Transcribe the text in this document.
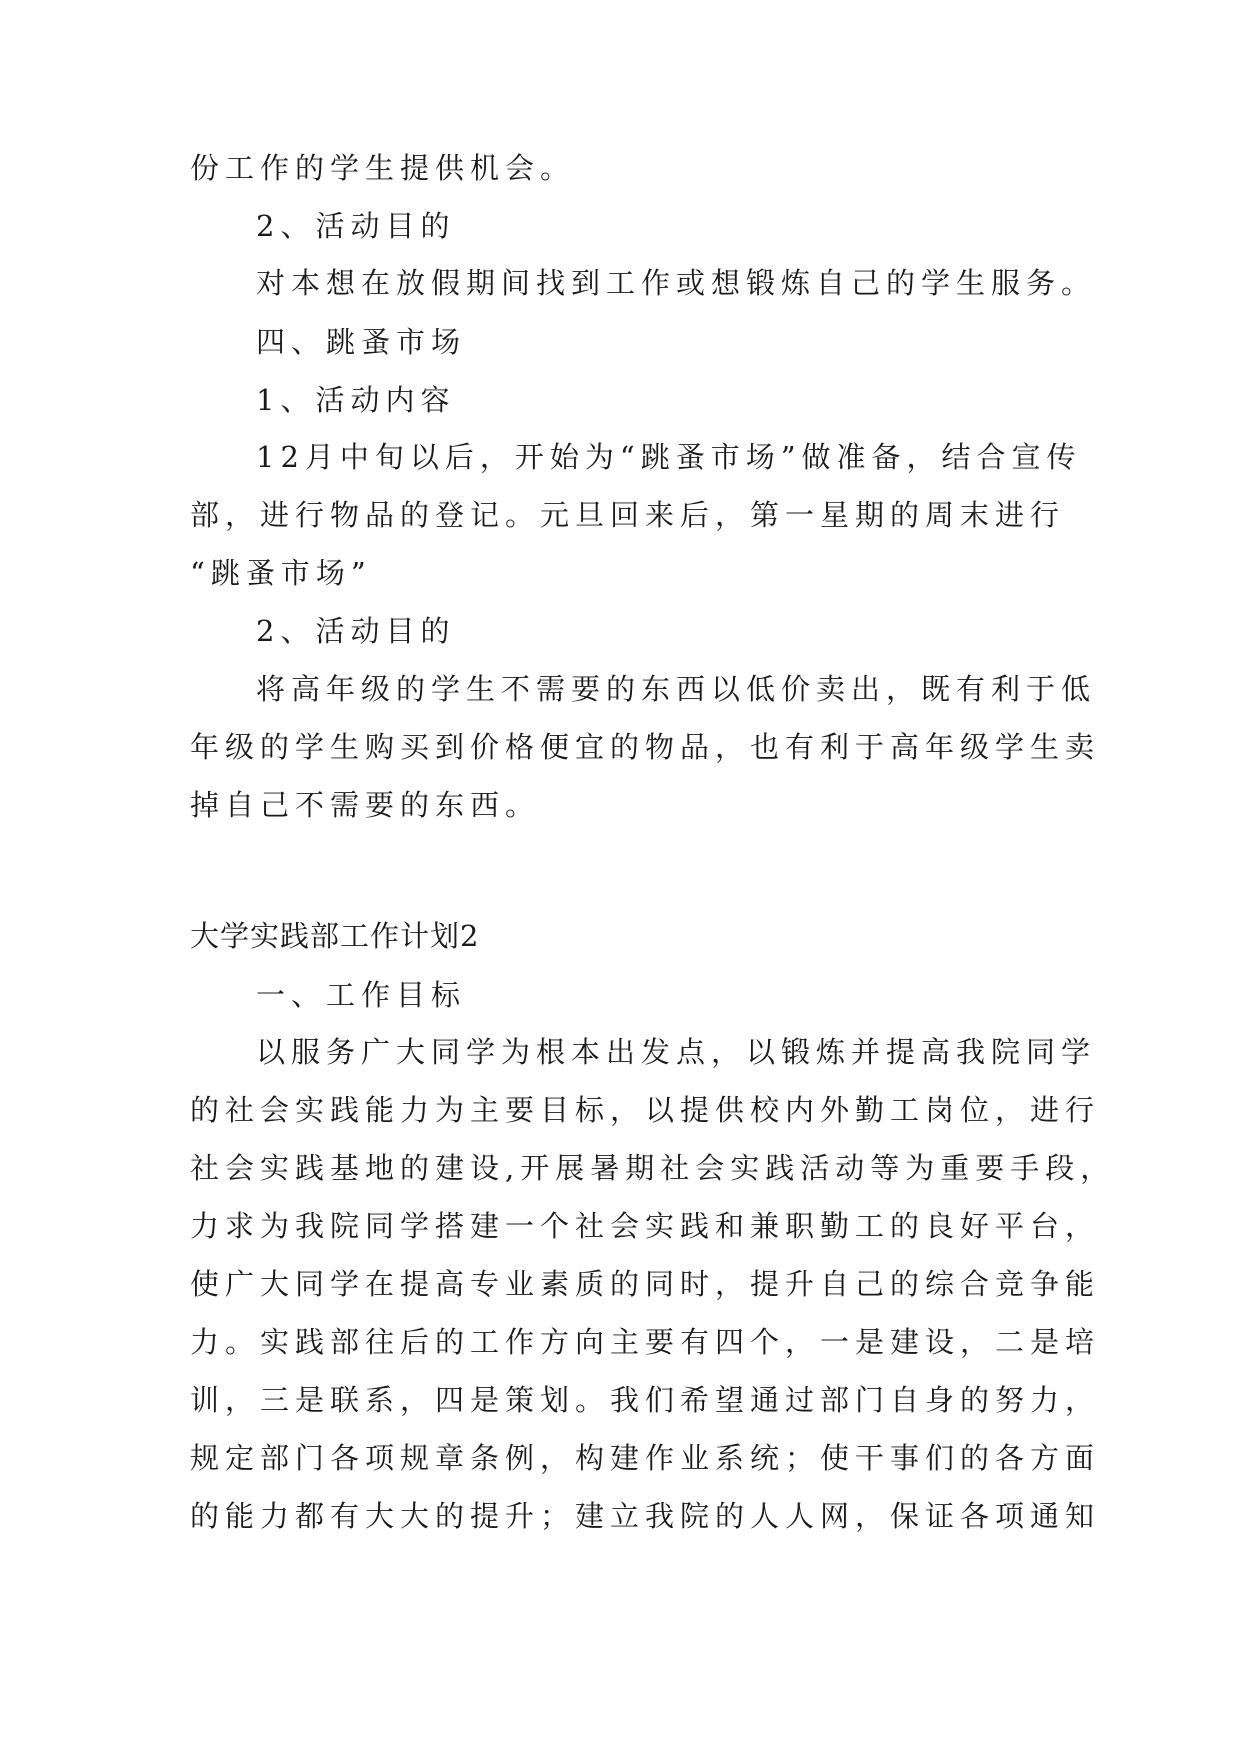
份工作的学生提供机会。
2、活动目的
对本想在放假期间找到工作或想锻炼自己的学生服务。
四、跳蚤市场
1、活动内容
12月中旬以后，开始为“跳蚤市场”做准备，结合宣传
部，进行物品的登记。元旦回来后，第一星期的周末进行
“跳蚤市场”
2、活动目的
将高年级的学生不需要的东西以低价卖出，既有利于低
年级的学生购买到价格便宜的物品，也有利于高年级学生卖
掉自己不需要的东西。
大学实践部工作计划2
一、工作目标
以服务广大同学为根本出发点，以锻炼并提高我院同学
的社会实践能力为主要目标，以提供校内外勤工岗位，进行
社会实践基地的建设,开展暑期社会实践活动等为重要手段，
力求为我院同学搭建一个社会实践和兼职勤工的良好平台，
使广大同学在提高专业素质的同时，提升自己的综合竞争能
力。实践部往后的工作方向主要有四个，一是建设，二是培
训，三是联系，四是策划。我们希望通过部门自身的努力，
规定部门各项规章条例，构建作业系统；使干事们的各方面
的能力都有大大的提升；建立我院的人人网，保证各项通知
